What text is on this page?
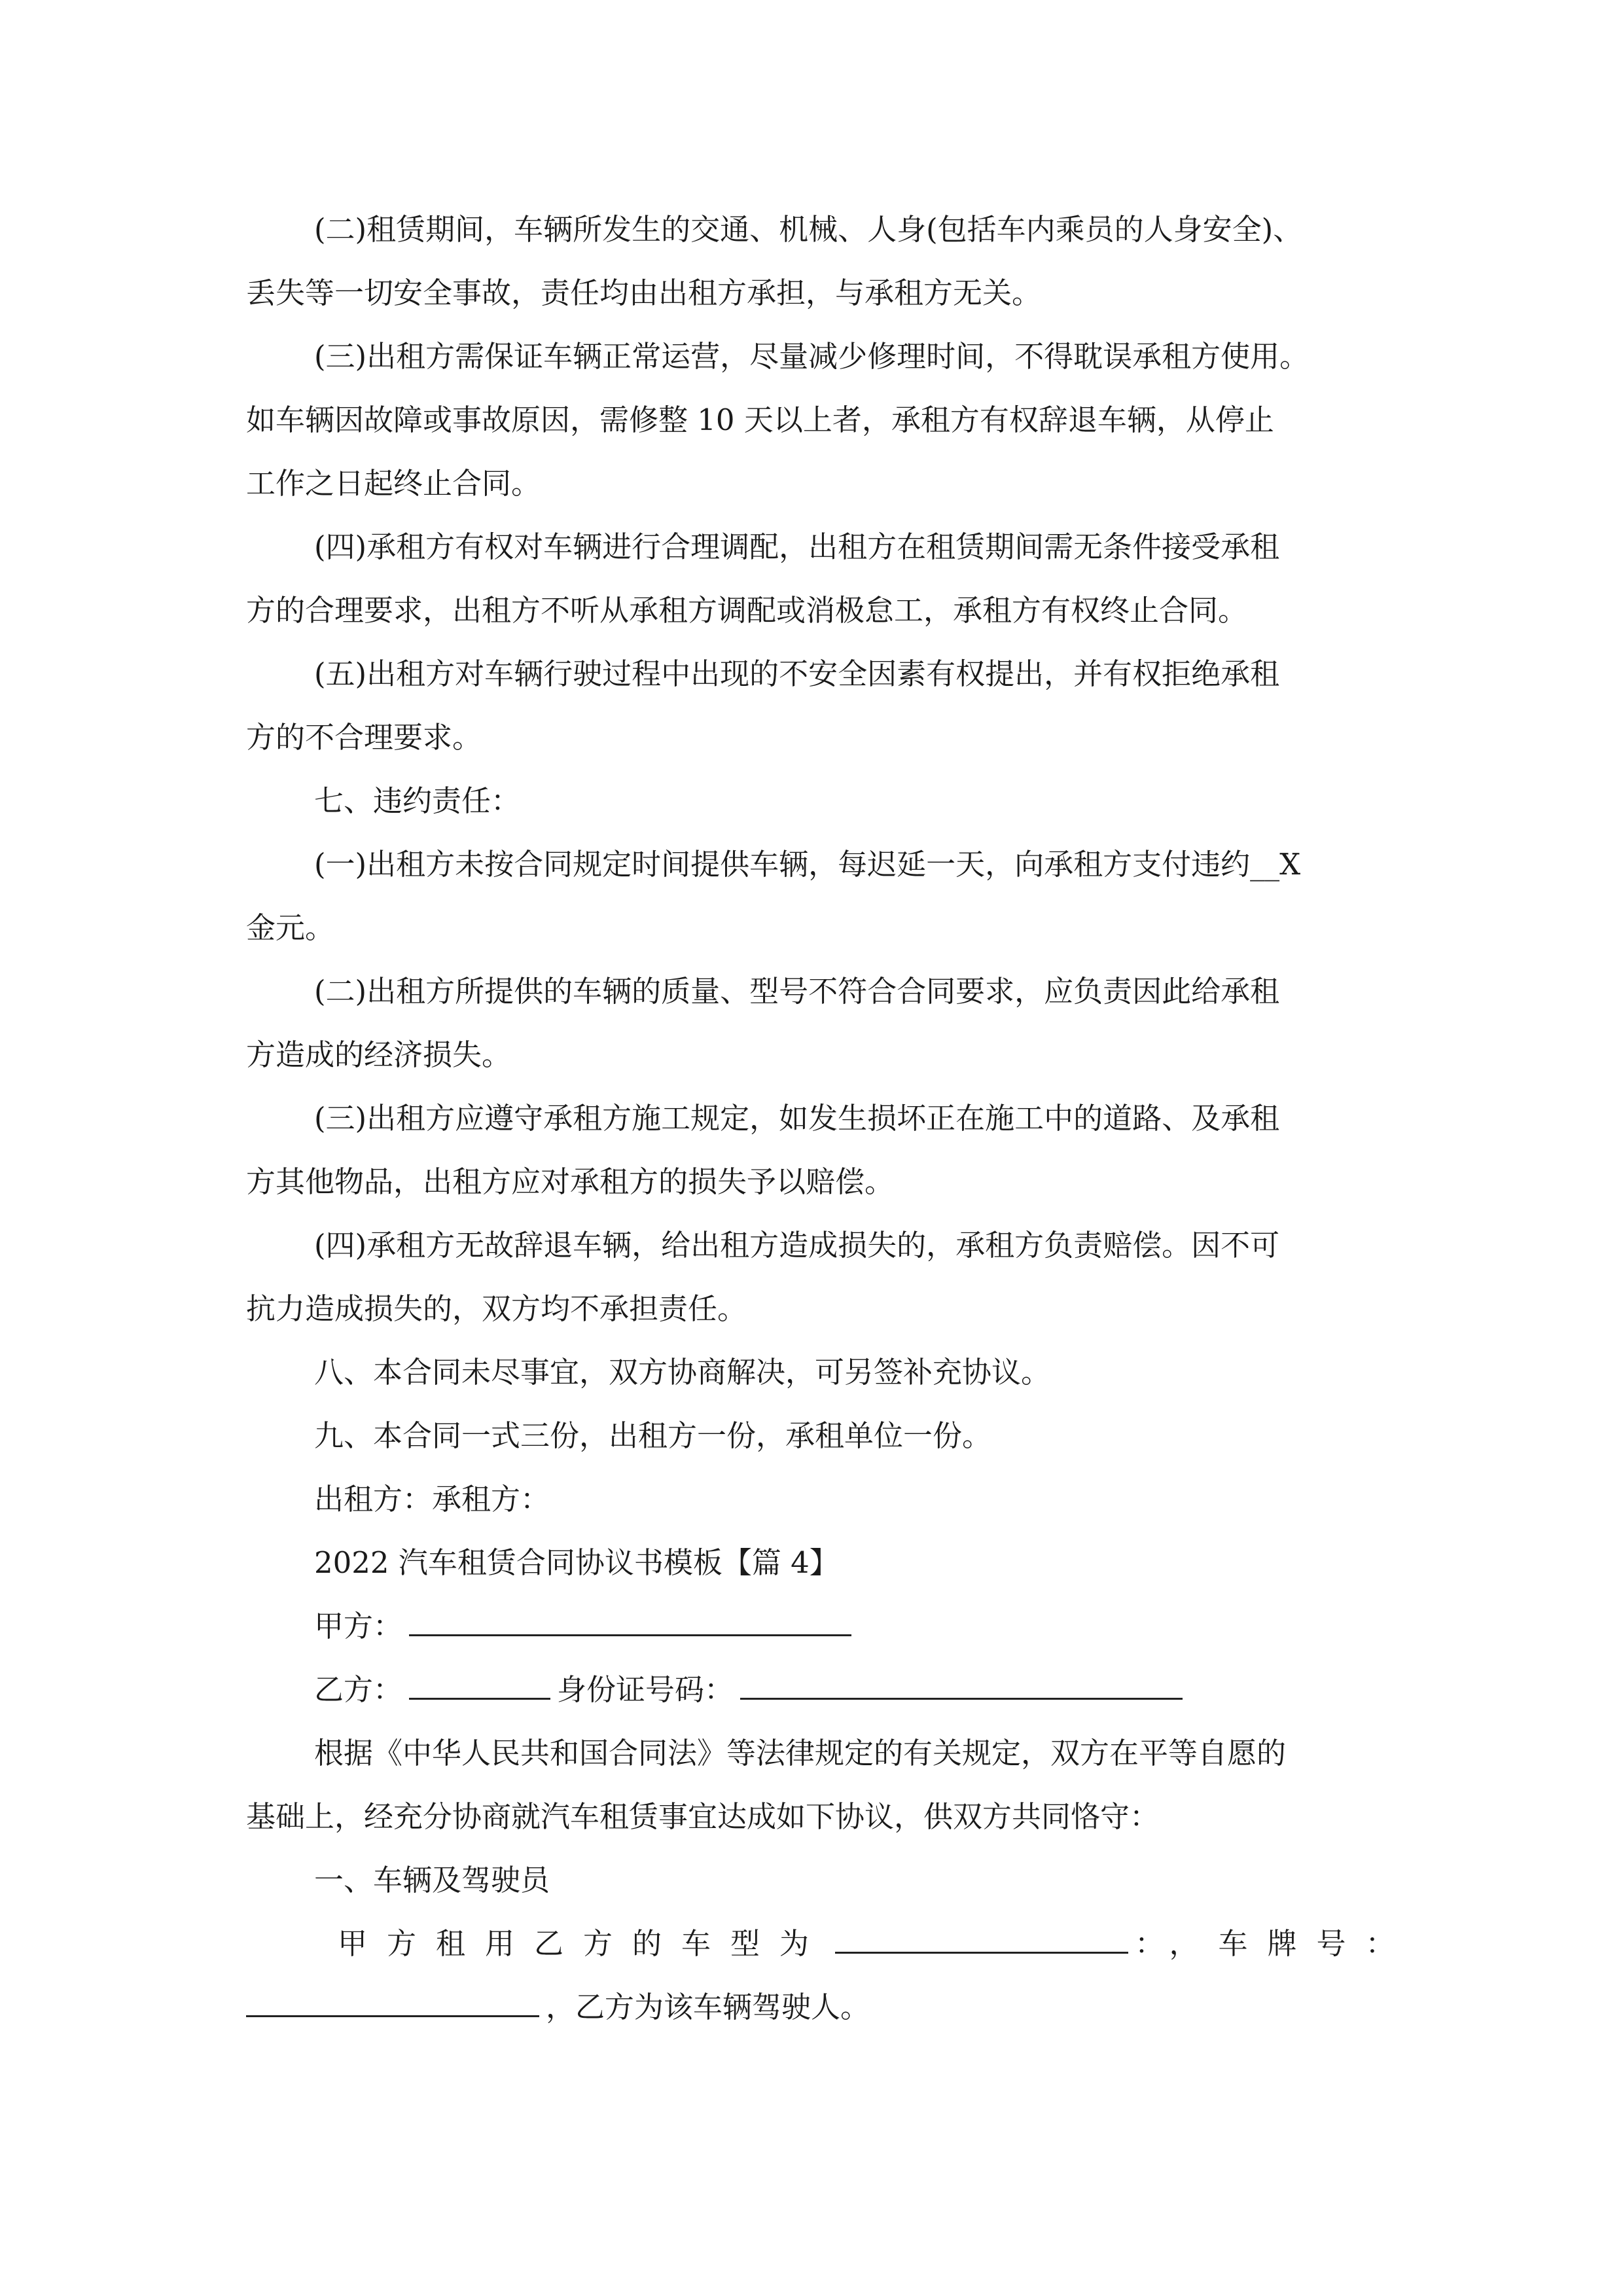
(二)租赁期间，车辆所发生的交通、机械、人身(包括车内乘员的人身安全)、

丢失等一切安全事故，责任均由出租方承担，与承租方无关。

(三)出租方需保证车辆正常运营，尽量减少修理时间，不得耽误承租方使用。

如车辆因故障或事故原因，需修整 10 天以上者，承租方有权辞退车辆，从停止

工作之日起终止合同。

(四)承租方有权对车辆进行合理调配，出租方在租赁期间需无条件接受承租

方的合理要求，出租方不听从承租方调配或消极怠工，承租方有权终止合同。

(五)出租方对车辆行驶过程中出现的不安全因素有权提出，并有权拒绝承租

方的不合理要求。

七、违约责任：

(一)出租方未按合同规定时间提供车辆，每迟延一天，向承租方支付违约__X

金元。

(二)出租方所提供的车辆的质量、型号不符合合同要求，应负责因此给承租

方造成的经济损失。

(三)出租方应遵守承租方施工规定，如发生损坏正在施工中的道路、及承租

方其他物品，出租方应对承租方的损失予以赔偿。

(四)承租方无故辞退车辆，给出租方造成损失的，承租方负责赔偿。因不可

抗力造成损失的，双方均不承担责任。

八、本合同未尽事宜，双方协商解决，可另签补充协议。

九、本合同一式三份，出租方一份，承租单位一份。

出租方：承租方：

2022 汽车租赁合同协议书模板【篇 4】

甲方：

乙方：	身份证号码：

根据《中华人民共和国合同法》等法律规定的有关规定，双方在平等自愿的

基础上，经充分协商就汽车租赁事宜达成如下协议，供双方共同恪守：

一、车辆及驾驶员

甲方租用乙方的车型为	：，车牌号：

，乙方为该车辆驾驶人。
